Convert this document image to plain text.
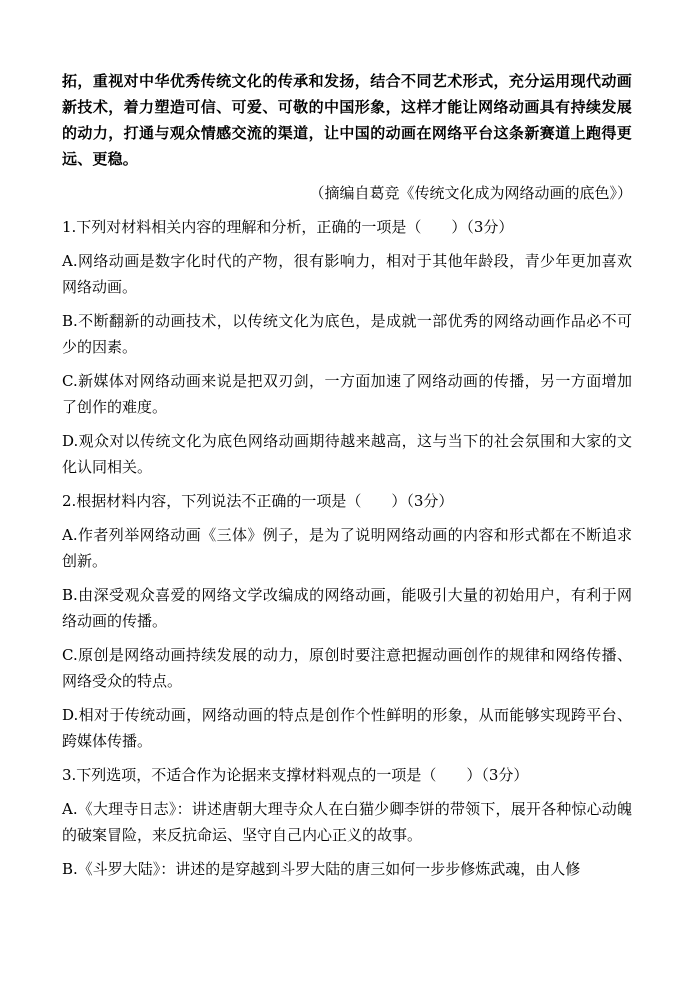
拓，重视对中华优秀传统文化的传承和发扬，结合不同艺术形式，充分运用现代动画新技术，着力塑造可信、可爱、可敬的中国形象，这样才能让网络动画具有持续发展的动力，打通与观众情感交流的渠道，让中国的动画在网络平台这条新赛道上跑得更远、更稳。

（摘编自葛竞《传统文化成为网络动画的底色》）

1.下列对材料相关内容的理解和分析，正确的一项是（　　）（3分）

A.网络动画是数字化时代的产物，很有影响力，相对于其他年龄段，青少年更加喜欢网络动画。

B.不断翻新的动画技术，以传统文化为底色，是成就一部优秀的网络动画作品必不可少的因素。

C.新媒体对网络动画来说是把双刃剑，一方面加速了网络动画的传播，另一方面增加了创作的难度。

D.观众对以传统文化为底色网络动画期待越来越高，这与当下的社会氛围和大家的文化认同相关。

2.根据材料内容，下列说法不正确的一项是（　　）（3分）

A.作者列举网络动画《三体》例子，是为了说明网络动画的内容和形式都在不断追求创新。

B.由深受观众喜爱的网络文学改编成的网络动画，能吸引大量的初始用户，有利于网络动画的传播。

C.原创是网络动画持续发展的动力，原创时要注意把握动画创作的规律和网络传播、网络受众的特点。

D.相对于传统动画，网络动画的特点是创作个性鲜明的形象，从而能够实现跨平台、跨媒体传播。

3.下列选项，不适合作为论据来支撑材料观点的一项是（　　）（3分）

A.《大理寺日志》：讲述唐朝大理寺众人在白猫少卿李饼的带领下，展开各种惊心动魄的破案冒险，来反抗命运、坚守自己内心正义的故事。

B.《斗罗大陆》：讲述的是穿越到斗罗大陆的唐三如何一步步修炼武魂，由人修
